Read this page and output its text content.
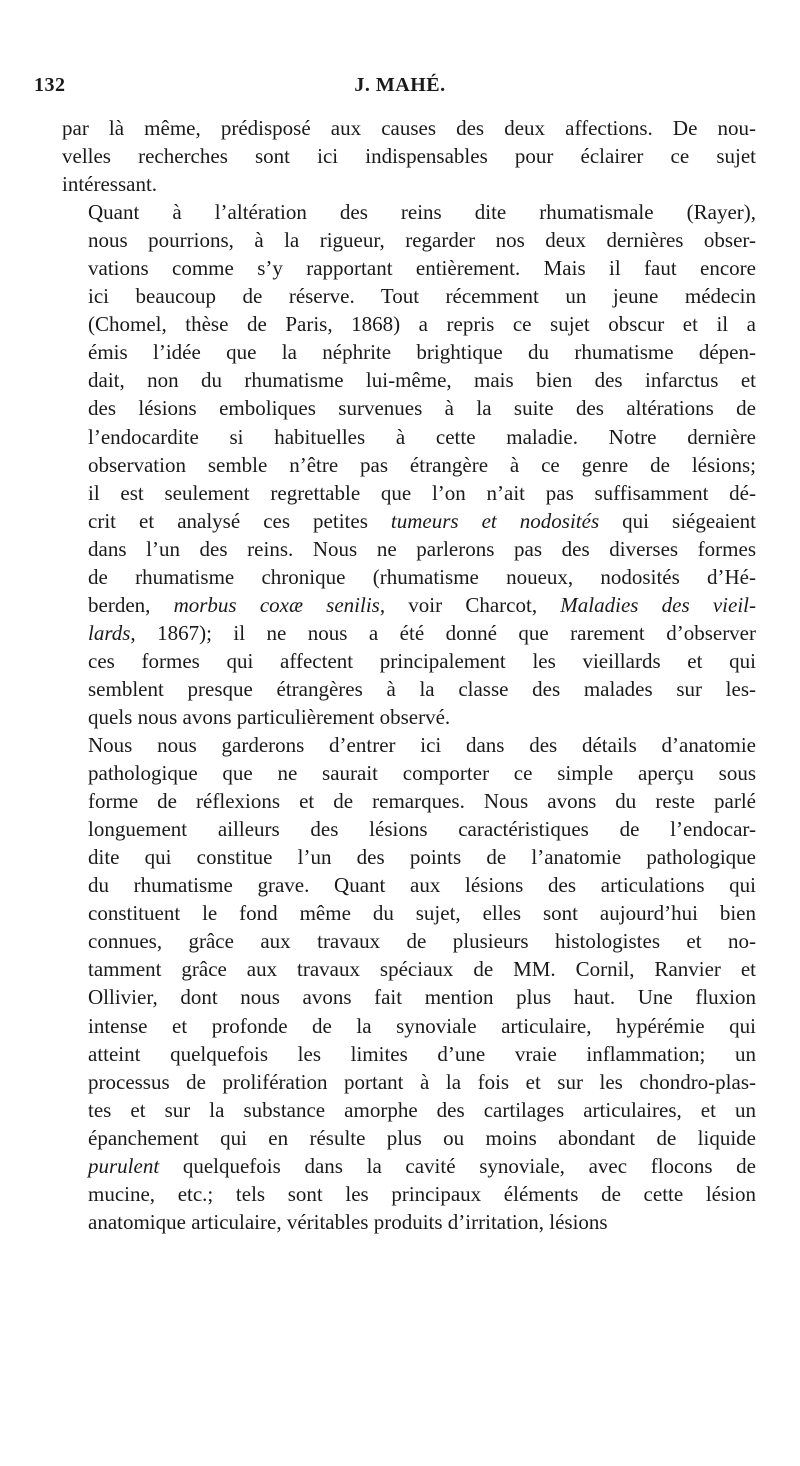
132	J. MAHÉ.

par là même, prédisposé aux causes des deux affections. De nou-
velles recherches sont ici indispensables pour éclairer ce sujet
intéressant.

Quant à l’altération des reins dite rhumatismale (Rayer),
nous pourrions, à la rigueur, regarder nos deux dernières obser-
vations comme s’y rapportant entièrement. Mais il faut encore
ici beaucoup de réserve. Tout récemment un jeune médecin
(Chomel, thèse de Paris, 1868) a repris ce sujet obscur et il a
émis l’idée que la néphrite brightique du rhumatisme dépen-
dait, non du rhumatisme lui-même, mais bien des infarctus et
des lésions emboliques survenues à la suite des altérations de
l’endocardite si habituelles à cette maladie. Notre dernière
observation semble n’être pas étrangère à ce genre de lésions;
il est seulement regrettable que l’on n’ait pas suffisamment dé-
crit et analysé ces petites tumeurs et nodosités qui siégeaient
dans l’un des reins. Nous ne parlerons pas des diverses formes
de rhumatisme chronique (rhumatisme noueux, nodosités d’Hé-
berden, morbus coxæ senilis, voir Charcot, Maladies des vieil-
lards, 1867); il ne nous a été donné que rarement d’observer
ces formes qui affectent principalement les vieillards et qui
semblent presque étrangères à la classe des malades sur les-
quels nous avons particulièrement observé.

Nous nous garderons d’entrer ici dans des détails d’anatomie
pathologique que ne saurait comporter ce simple aperçu sous
forme de réflexions et de remarques. Nous avons du reste parlé
longuement ailleurs des lésions caractéristiques de l’endocar-
dite qui constitue l’un des points de l’anatomie pathologique
du rhumatisme grave. Quant aux lésions des articulations qui
constituent le fond même du sujet, elles sont aujourd’hui bien
connues, grâce aux travaux de plusieurs histologistes et no-
tamment grâce aux travaux spéciaux de MM. Cornil, Ranvier et
Ollivier, dont nous avons fait mention plus haut. Une fluxion
intense et profonde de la synoviale articulaire, hypérémie qui
atteint quelquefois les limites d’une vraie inflammation; un
processus de prolifération portant à la fois et sur les chondro-plas-
tes et sur la substance amorphe des cartilages articulaires, et un
épanchement qui en résulte plus ou moins abondant de liquide
purulent quelquefois dans la cavité synoviale, avec flocons de
mucine, etc.; tels sont les principaux éléments de cette lésion
anatomique articulaire, véritables produits d’irritation, lésions
